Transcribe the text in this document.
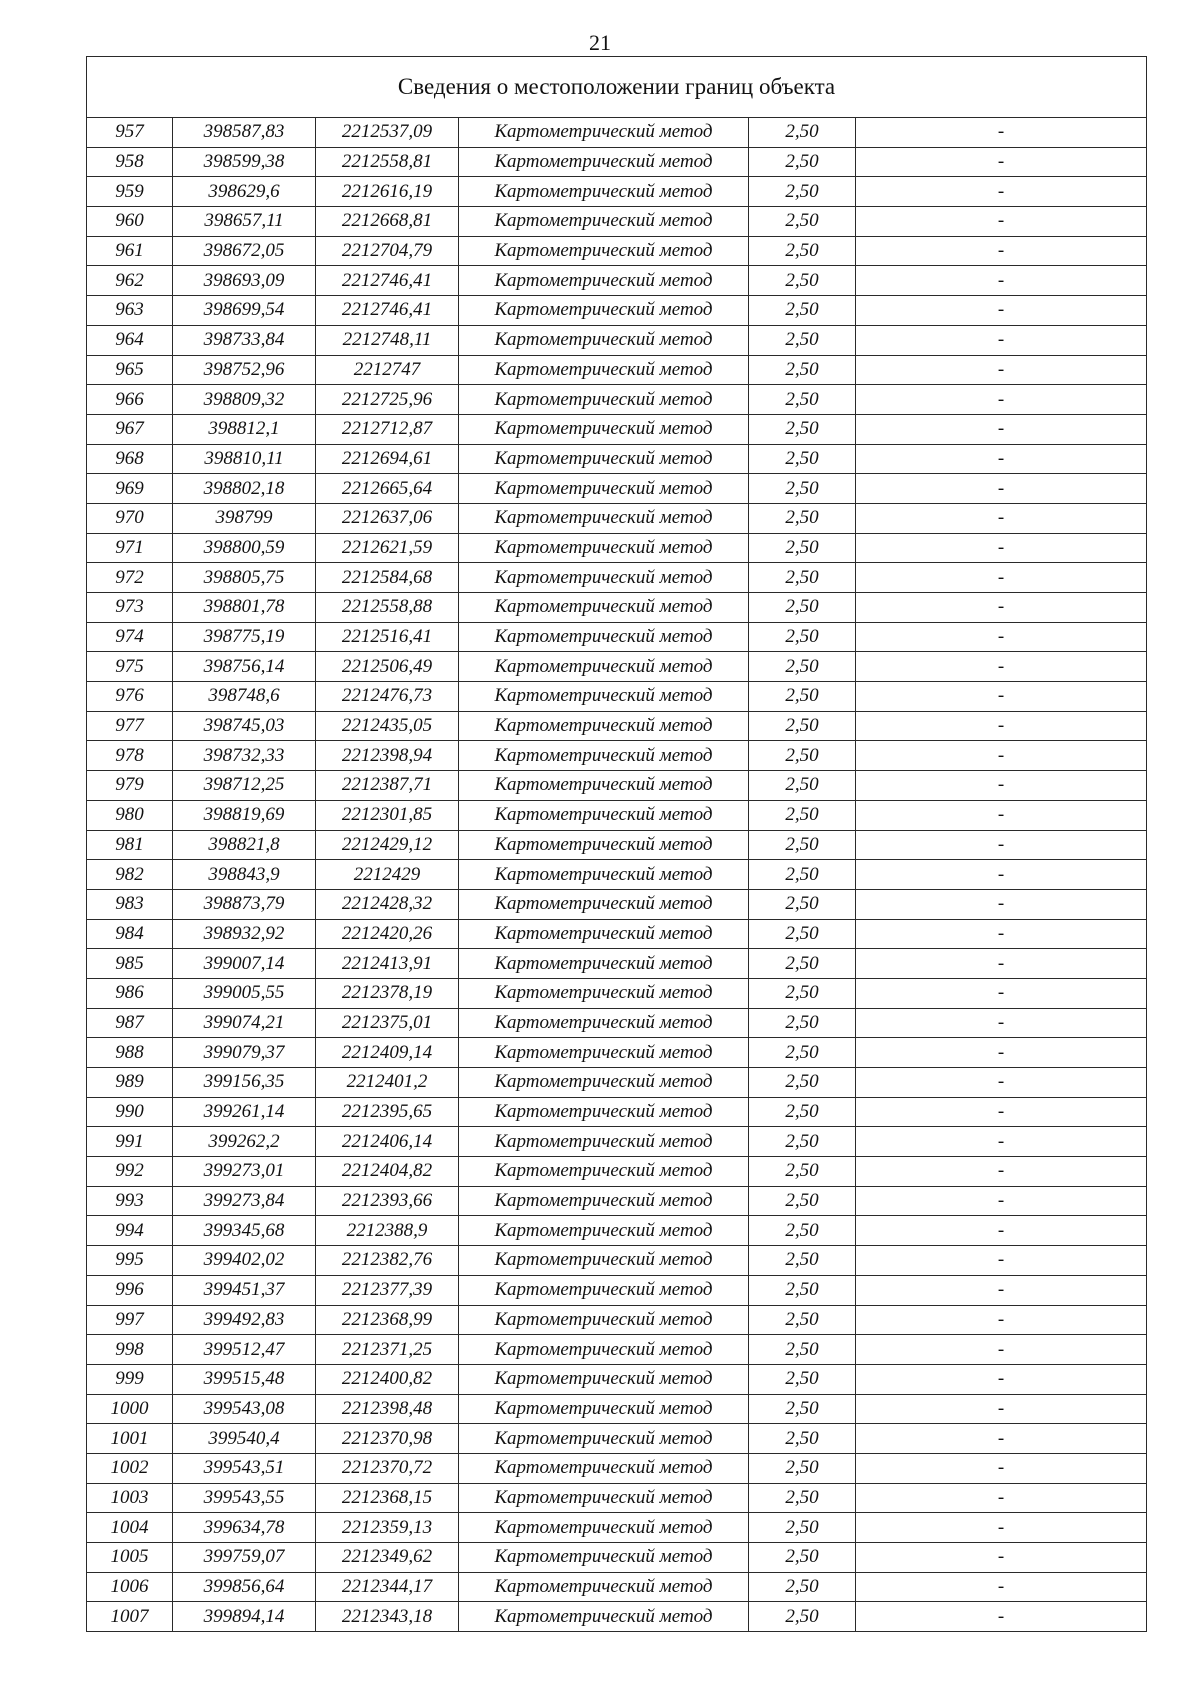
21
Сведения о местоположении границ объекта					
957	398587,83	2212537,09	Картометрический метод	2,50	-
958	398599,38	2212558,81	Картометрический метод	2,50	-
959	398629,6	2212616,19	Картометрический метод	2,50	-
960	398657,11	2212668,81	Картометрический метод	2,50	-
961	398672,05	2212704,79	Картометрический метод	2,50	-
962	398693,09	2212746,41	Картометрический метод	2,50	-
963	398699,54	2212746,41	Картометрический метод	2,50	-
964	398733,84	2212748,11	Картометрический метод	2,50	-
965	398752,96	2212747	Картометрический метод	2,50	-
966	398809,32	2212725,96	Картометрический метод	2,50	-
967	398812,1	2212712,87	Картометрический метод	2,50	-
968	398810,11	2212694,61	Картометрический метод	2,50	-
969	398802,18	2212665,64	Картометрический метод	2,50	-
970	398799	2212637,06	Картометрический метод	2,50	-
971	398800,59	2212621,59	Картометрический метод	2,50	-
972	398805,75	2212584,68	Картометрический метод	2,50	-
973	398801,78	2212558,88	Картометрический метод	2,50	-
974	398775,19	2212516,41	Картометрический метод	2,50	-
975	398756,14	2212506,49	Картометрический метод	2,50	-
976	398748,6	2212476,73	Картометрический метод	2,50	-
977	398745,03	2212435,05	Картометрический метод	2,50	-
978	398732,33	2212398,94	Картометрический метод	2,50	-
979	398712,25	2212387,71	Картометрический метод	2,50	-
980	398819,69	2212301,85	Картометрический метод	2,50	-
981	398821,8	2212429,12	Картометрический метод	2,50	-
982	398843,9	2212429	Картометрический метод	2,50	-
983	398873,79	2212428,32	Картометрический метод	2,50	-
984	398932,92	2212420,26	Картометрический метод	2,50	-
985	399007,14	2212413,91	Картометрический метод	2,50	-
986	399005,55	2212378,19	Картометрический метод	2,50	-
987	399074,21	2212375,01	Картометрический метод	2,50	-
988	399079,37	2212409,14	Картометрический метод	2,50	-
989	399156,35	2212401,2	Картометрический метод	2,50	-
990	399261,14	2212395,65	Картометрический метод	2,50	-
991	399262,2	2212406,14	Картометрический метод	2,50	-
992	399273,01	2212404,82	Картометрический метод	2,50	-
993	399273,84	2212393,66	Картометрический метод	2,50	-
994	399345,68	2212388,9	Картометрический метод	2,50	-
995	399402,02	2212382,76	Картометрический метод	2,50	-
996	399451,37	2212377,39	Картометрический метод	2,50	-
997	399492,83	2212368,99	Картометрический метод	2,50	-
998	399512,47	2212371,25	Картометрический метод	2,50	-
999	399515,48	2212400,82	Картометрический метод	2,50	-
1000	399543,08	2212398,48	Картометрический метод	2,50	-
1001	399540,4	2212370,98	Картометрический метод	2,50	-
1002	399543,51	2212370,72	Картометрический метод	2,50	-
1003	399543,55	2212368,15	Картометрический метод	2,50	-
1004	399634,78	2212359,13	Картометрический метод	2,50	-
1005	399759,07	2212349,62	Картометрический метод	2,50	-
1006	399856,64	2212344,17	Картометрический метод	2,50	-
1007	399894,14	2212343,18	Картометрический метод	2,50	-
